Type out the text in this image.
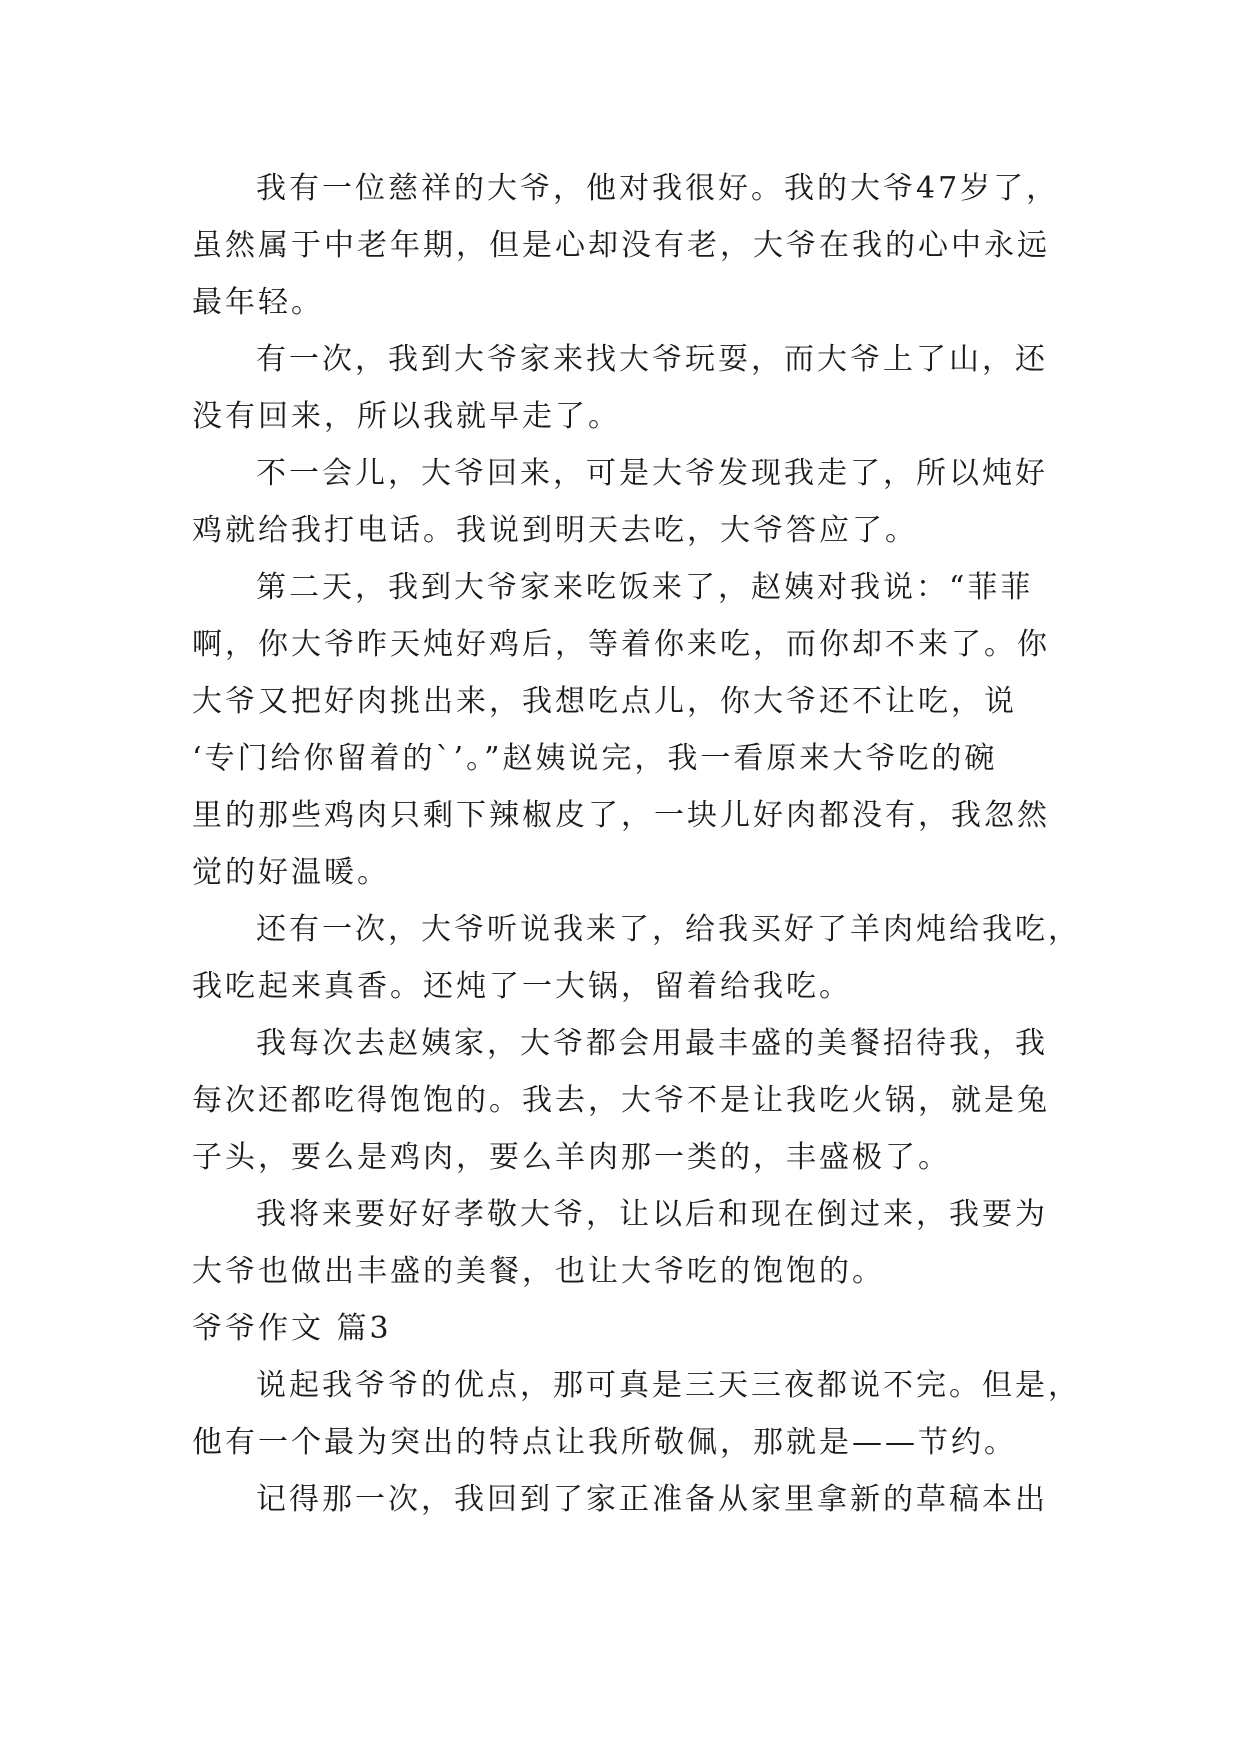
我有一位慈祥的大爷，他对我很好。我的大爷47岁了，
虽然属于中老年期，但是心却没有老，大爷在我的心中永远
最年轻。

有一次，我到大爷家来找大爷玩耍，而大爷上了山，还
没有回来，所以我就早走了。

不一会儿，大爷回来，可是大爷发现我走了，所以炖好
鸡就给我打电话。我说到明天去吃，大爷答应了。

第二天，我到大爷家来吃饭来了，赵姨对我说：“菲菲
啊，你大爷昨天炖好鸡后，等着你来吃，而你却不来了。你
大爷又把好肉挑出来，我想吃点儿，你大爷还不让吃，说
‘专门给你留着的`’。”赵姨说完，我一看原来大爷吃的碗
里的那些鸡肉只剩下辣椒皮了，一块儿好肉都没有，我忽然
觉的好温暖。

还有一次，大爷听说我来了，给我买好了羊肉炖给我吃，
我吃起来真香。还炖了一大锅，留着给我吃。

我每次去赵姨家，大爷都会用最丰盛的美餐招待我，我
每次还都吃得饱饱的。我去，大爷不是让我吃火锅，就是兔
子头，要么是鸡肉，要么羊肉那一类的，丰盛极了。

我将来要好好孝敬大爷，让以后和现在倒过来，我要为
大爷也做出丰盛的美餐，也让大爷吃的饱饱的。

爷爷作文 篇3

说起我爷爷的优点，那可真是三天三夜都说不完。但是，
他有一个最为突出的特点让我所敬佩，那就是——节约。

记得那一次，我回到了家正准备从家里拿新的草稿本出
